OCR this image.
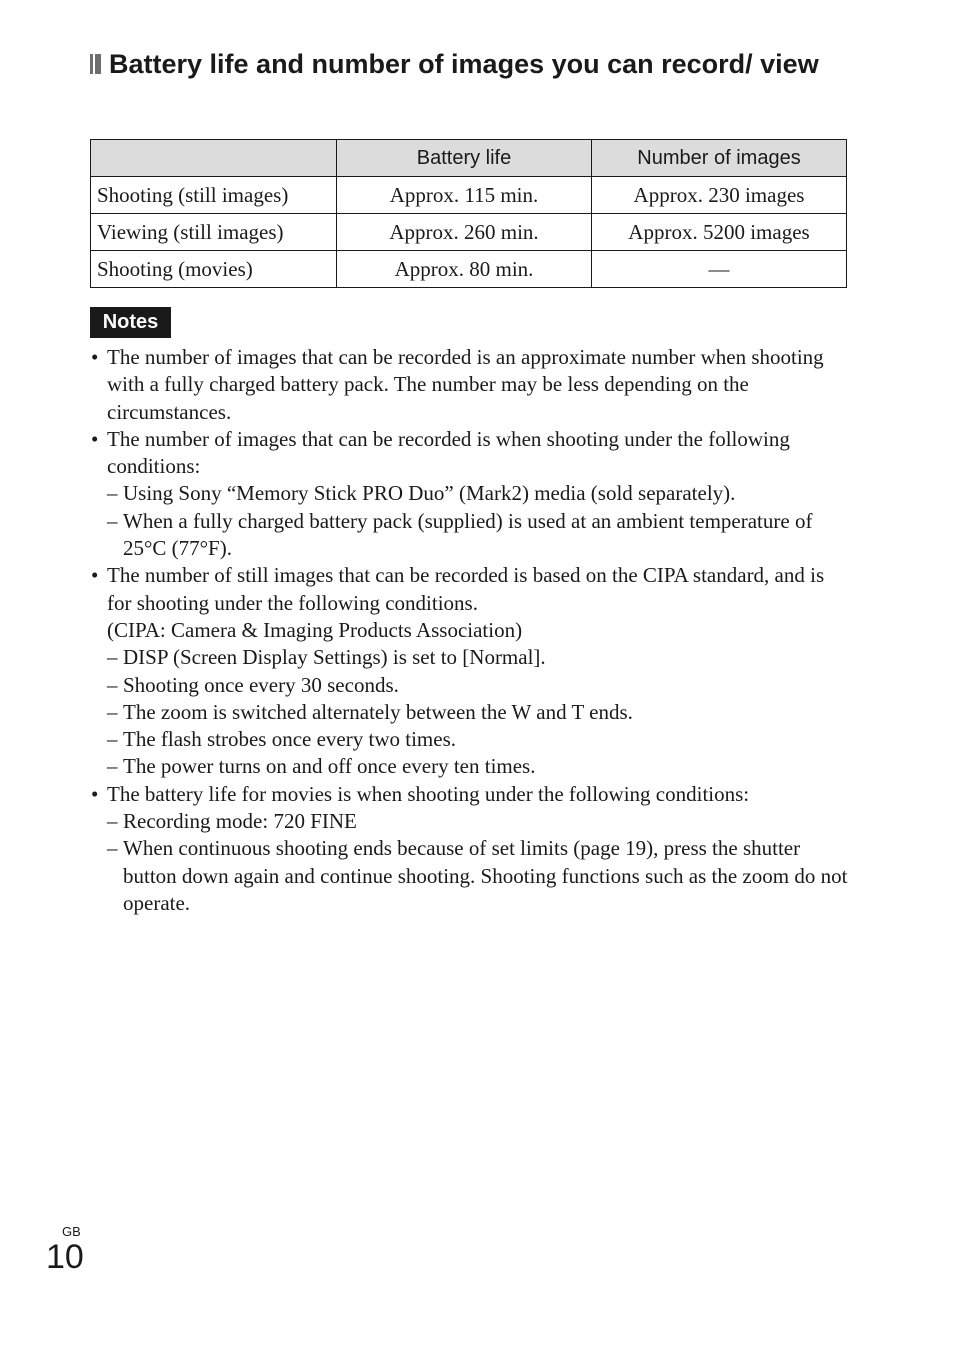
Battery life and number of images you can record/ view
	Battery life	Number of images
Shooting (still images)	Approx. 115 min.	Approx. 230 images
Viewing (still images)	Approx. 260 min.	Approx. 5200 images
Shooting (movies)	Approx. 80 min.	—
Notes
• The number of images that can be recorded is an approximate number when shooting with a fully charged battery pack. The number may be less depending on the circumstances.
• The number of images that can be recorded is when shooting under the following conditions:
– Using Sony “Memory Stick PRO Duo” (Mark2) media (sold separately).
– When a fully charged battery pack (supplied) is used at an ambient temperature of 25°C (77°F).
• The number of still images that can be recorded is based on the CIPA standard, and is for shooting under the following conditions.
(CIPA: Camera & Imaging Products Association)
– DISP (Screen Display Settings) is set to [Normal].
– Shooting once every 30 seconds.
– The zoom is switched alternately between the W and T ends.
– The flash strobes once every two times.
– The power turns on and off once every ten times.
• The battery life for movies is when shooting under the following conditions:
– Recording mode: 720 FINE
– When continuous shooting ends because of set limits (page 19), press the shutter button down again and continue shooting. Shooting functions such as the zoom do not operate.
GB
10
